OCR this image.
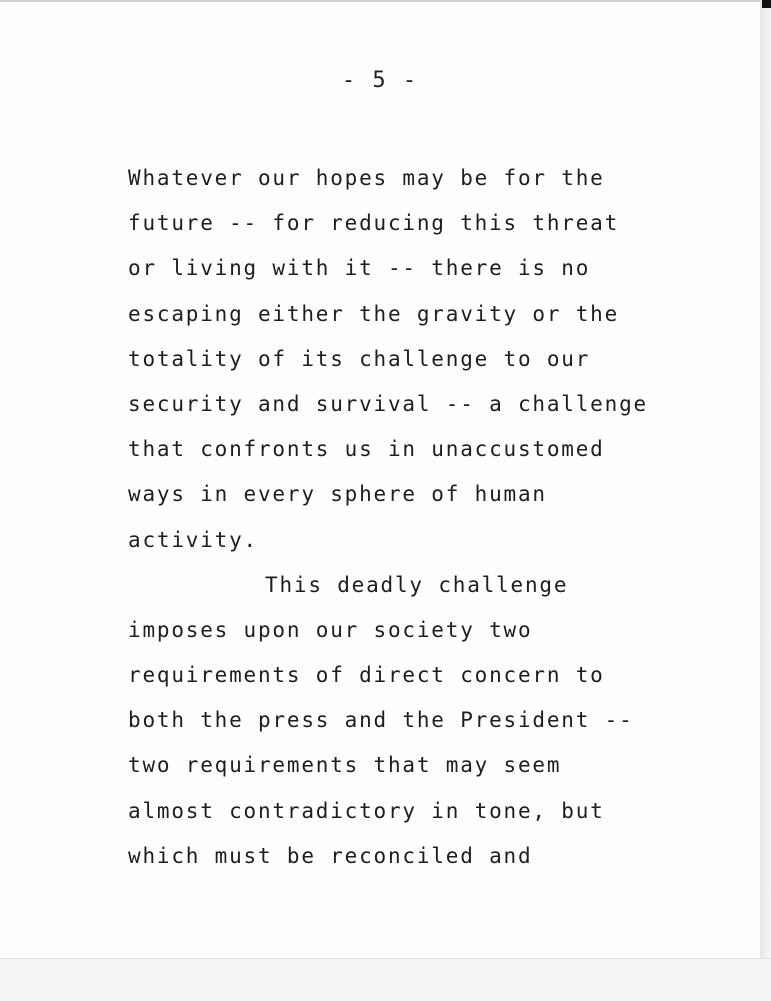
- 5 -
Whatever our hopes may be for the
future -- for reducing this threat
or living with it -- there is no
escaping either the gravity or the
totality of its challenge to our
security and survival -- a challenge
that confronts us in unaccustomed
ways in every sphere of human
activity.
This deadly challenge
imposes upon our society two
requirements of direct concern to
both the press and the President --
two requirements that may seem
almost contradictory in tone, but
which must be reconciled and
